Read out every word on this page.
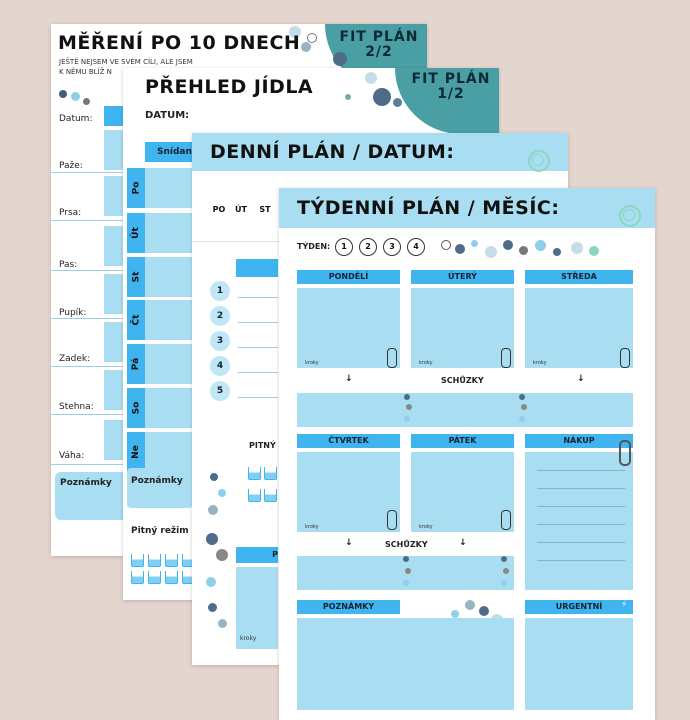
FIT PLÁN
2/2
MĚŘENÍ PO 10 DNECH
JEŠTĚ NEJSEM VE SVÉM CÍLI, ALE JSEM
K NĚMU BLÍŽ N
Datum:
Paže:
Prsa:
Pas:
Pupík:
Zadek:
Stehna:
Váha:
Poznámky
FIT PLÁN
1/2
PŘEHLED JÍDLA
DATUM:
Snídan
Po
Út
St
Čt
Pá
So
Ne
Poznámky
Pitný režim
DENNÍ PLÁN / DATUM:
PO	ÚT	ST
1
2
3
4
5
PITNÝ
P
kroky
TÝDENNÍ PLÁN / MĚSÍC:
TÝDEN:	1	2	3	4
PONDĚLÍ	ÚTERÝ	STŘEDA
kroky	kroky	kroky
↓	SCHŮZKY	↓
ČTVRTEK	PÁTEK	NÁKUP
kroky	kroky
↓	SCHŮZKY	↓
POZNÁMKY	URGENTNÍ	⚡
